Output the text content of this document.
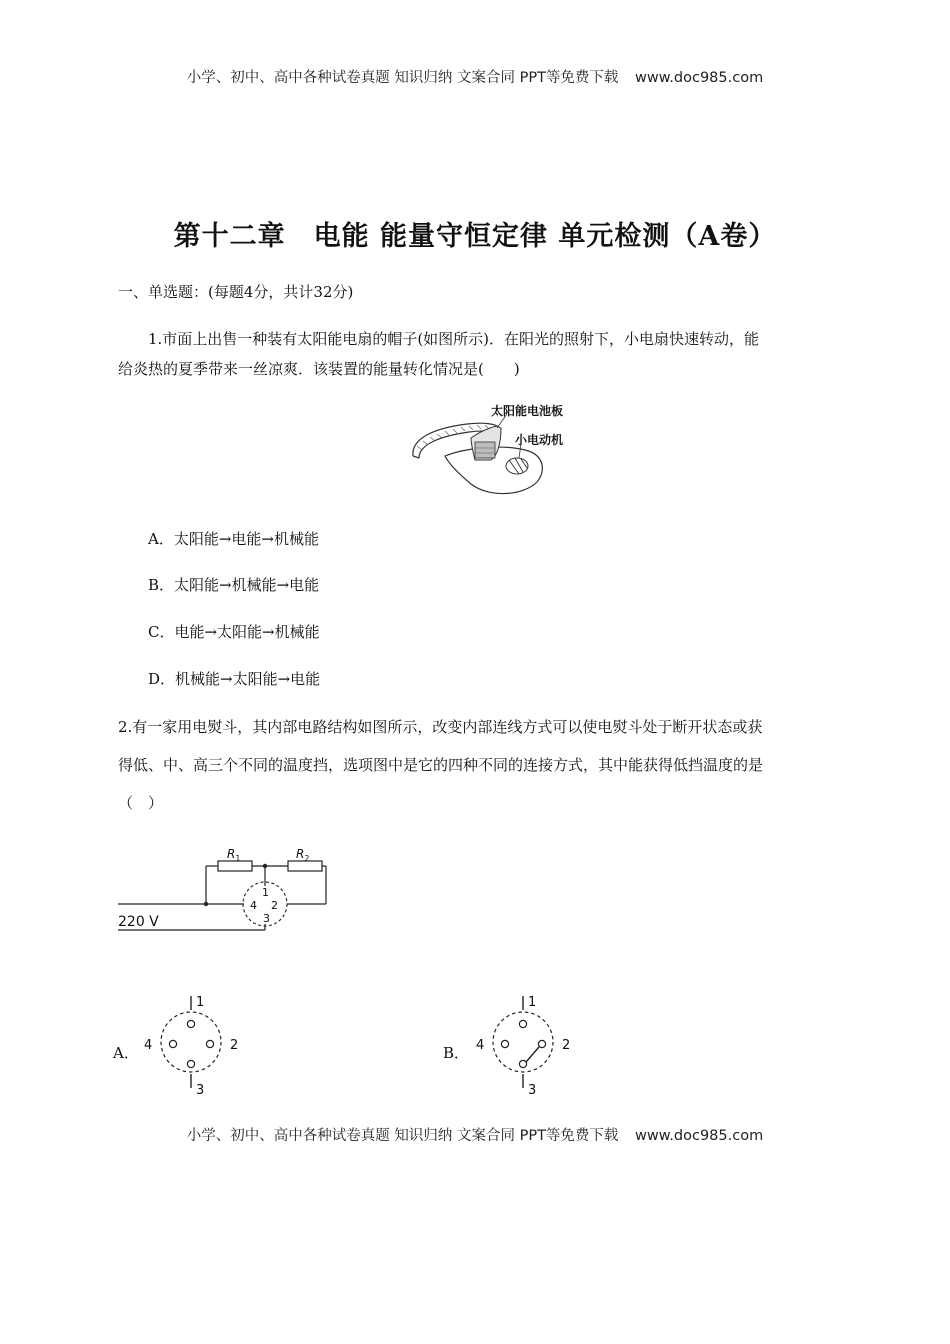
小学、初中、高中各种试卷真题 知识归纳 文案合同 PPT等免费下载 www.doc985.com
第十二章　电能 能量守恒定律 单元检测（A卷）
一、单选题：(每题4分，共计32分)
1.市面上出售一种装有太阳能电扇的帽子(如图所示)．在阳光的照射下，小电扇快速转动，能
给炎热的夏季带来一丝凉爽．该装置的能量转化情况是(　　)
太阳能电池板
小电动机
A．太阳能→电能→机械能
B．太阳能→机械能→电能
C．电能→太阳能→机械能
D．机械能→太阳能→电能
2.有一家用电熨斗，其内部电路结构如图所示，改变内部连线方式可以使电熨斗处于断开状态或获
得低、中、高三个不同的温度挡，选项图中是它的四种不同的连接方式，其中能获得低挡温度的是
（　）
$R_1$	$R_2$
1
2
3
4
220 V
A．
1
2
3
4	B．
1
2
3
4
小学、初中、高中各种试卷真题 知识归纳 文案合同 PPT等免费下载 www.doc985.com
